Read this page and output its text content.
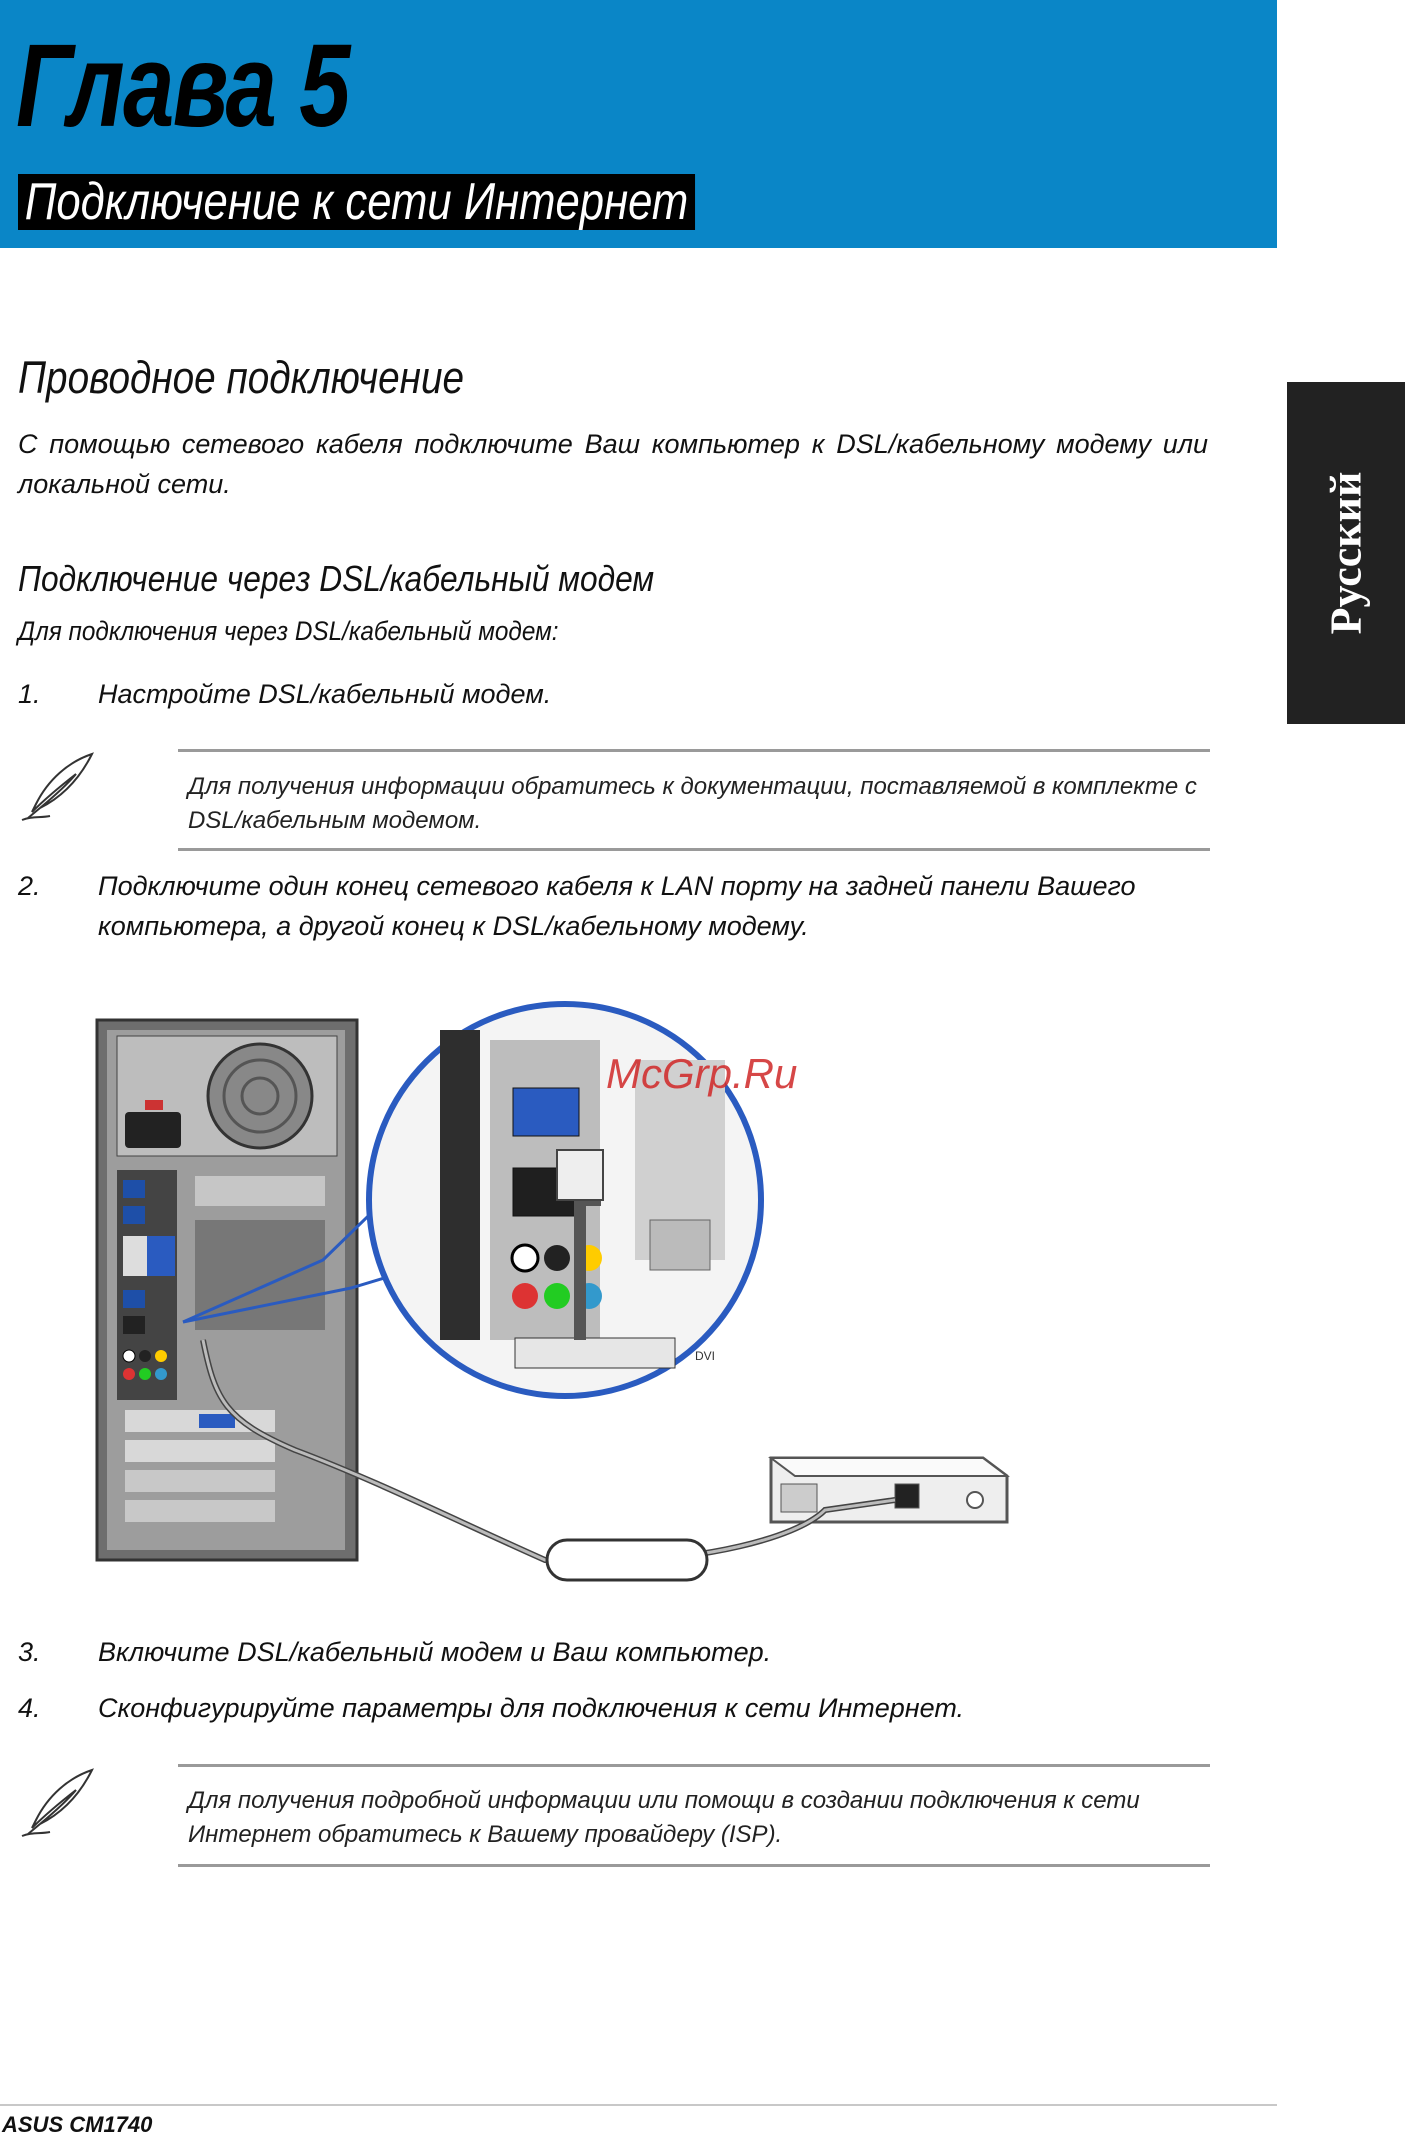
Глава 5
Подключение к сети Интернет
Русский
Проводное подключение
С помощью сетевого кабеля подключите Ваш компьютер к DSL/кабельному модему или локальной сети.
Подключение через DSL/кабельный модем
Для подключения через DSL/кабельный модем:
1. Настройте DSL/кабельный модем.
Для получения информации обратитесь к документации, поставляемой в комплекте с DSL/кабельным модемом.
2. Подключите один конец сетевого кабеля к LAN порту на задней панели Вашего компьютера, а другой конец к DSL/кабельному модему.
DVI
McGrp.Ru
3. Включите DSL/кабельный модем и Ваш компьютер.
4. Сконфигурируйте параметры для подключения к сети Интернет.
Для получения подробной информации или помощи в создании подключения к сети Интернет обратитесь к Вашему провайдеру (ISP).
ASUS CM1740
